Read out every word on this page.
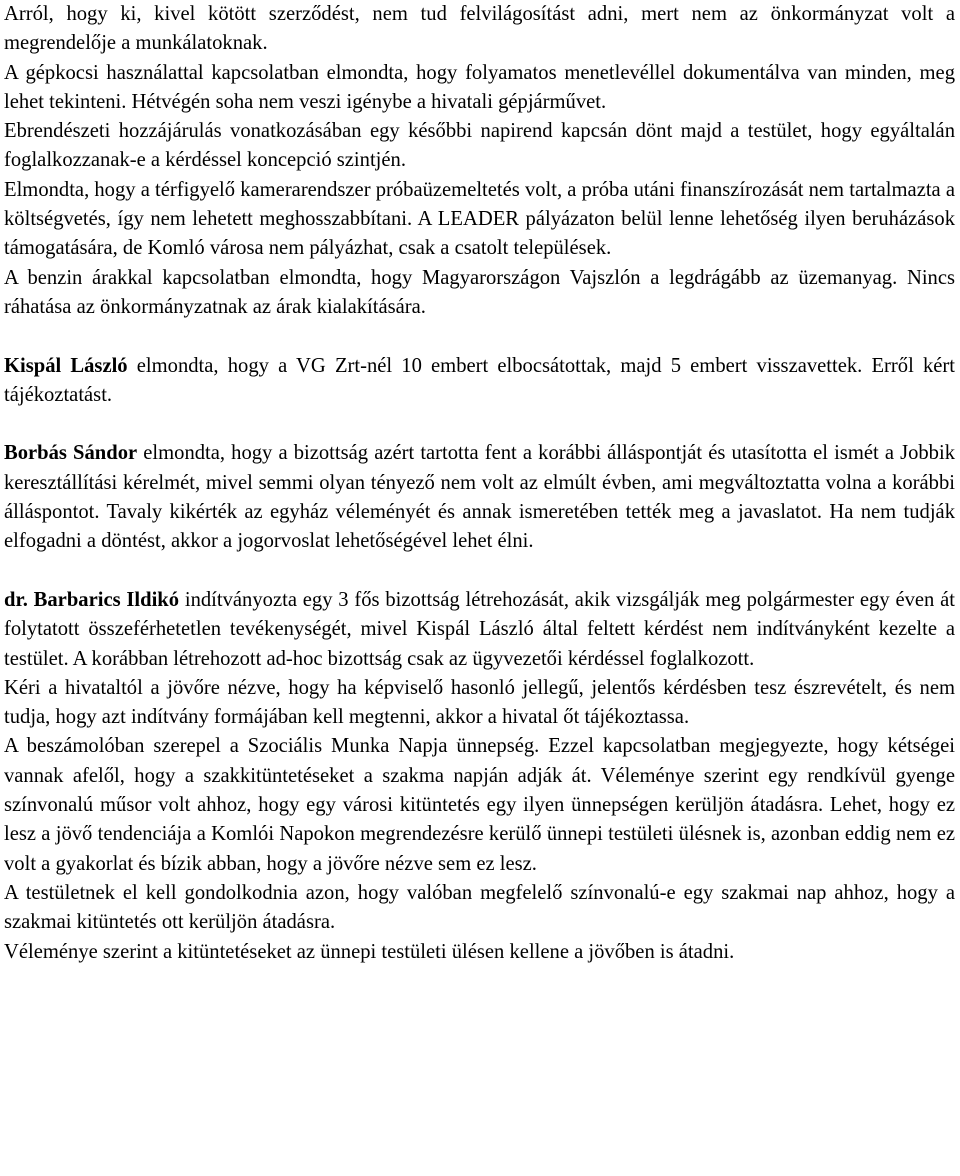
Arról, hogy ki, kivel kötött szerződést, nem tud felvilágosítást adni, mert nem az önkormányzat volt a megrendelője a munkálatoknak.

A gépkocsi használattal kapcsolatban elmondta, hogy folyamatos menetlevéllel dokumentálva van minden, meg lehet tekinteni. Hétvégén soha nem veszi igénybe a hivatali gépjárművet.

Ebrendészeti hozzájárulás vonatkozásában egy későbbi napirend kapcsán dönt majd a testület, hogy egyáltalán foglalkozzanak-e a kérdéssel koncepció szintjén.

Elmondta, hogy a térfigyelő kamerarendszer próbaüzemeltetés volt, a próba utáni finanszírozását nem tartalmazta a költségvetés, így nem lehetett meghosszabbítani. A LEADER pályázaton belül lenne lehetőség ilyen beruházások támogatására, de Komló városa nem pályázhat, csak a csatolt települések.

A benzin árakkal kapcsolatban elmondta, hogy Magyarországon Vajszlón a legdrágább az üzemanyag. Nincs ráhatása az önkormányzatnak az árak kialakítására.

Kispál László elmondta, hogy a VG Zrt-nél 10 embert elbocsátottak, majd 5 embert visszavettek. Erről kért tájékoztatást.

Borbás Sándor elmondta, hogy a bizottság azért tartotta fent a korábbi álláspontját és utasította el ismét a Jobbik keresztállítási kérelmét, mivel semmi olyan tényező nem volt az elmúlt évben, ami megváltoztatta volna a korábbi álláspontot. Tavaly kikérték az egyház véleményét és annak ismeretében tették meg a javaslatot. Ha nem tudják elfogadni a döntést, akkor a jogorvoslat lehetőségével lehet élni.

dr. Barbarics Ildikó indítványozta egy 3 fős bizottság létrehozását, akik vizsgálják meg polgármester egy éven át folytatott összeférhetetlen tevékenységét, mivel Kispál László által feltett kérdést nem indítványként kezelte a testület. A korábban létrehozott ad-hoc bizottság csak az ügyvezetői kérdéssel foglalkozott.

Kéri a hivataltól a jövőre nézve, hogy ha képviselő hasonló jellegű, jelentős kérdésben tesz észrevételt, és nem tudja, hogy azt indítvány formájában kell megtenni, akkor a hivatal őt tájékoztassa.

A beszámolóban szerepel a Szociális Munka Napja ünnepség. Ezzel kapcsolatban megjegyezte, hogy kétségei vannak afelől, hogy a szakkitüntetéseket a szakma napján adják át. Véleménye szerint egy rendkívül gyenge színvonalú műsor volt ahhoz, hogy egy városi kitüntetés egy ilyen ünnepségen kerüljön átadásra. Lehet, hogy ez lesz a jövő tendenciája a Komlói Napokon megrendezésre kerülő ünnepi testületi ülésnek is, azonban eddig nem ez volt a gyakorlat és bízik abban, hogy a jövőre nézve sem ez lesz.

A testületnek el kell gondolkodnia azon, hogy valóban megfelelő színvonalú-e egy szakmai nap ahhoz, hogy a szakmai kitüntetés ott kerüljön átadásra.

Véleménye szerint a kitüntetéseket az ünnepi testületi ülésen kellene a jövőben is átadni.
